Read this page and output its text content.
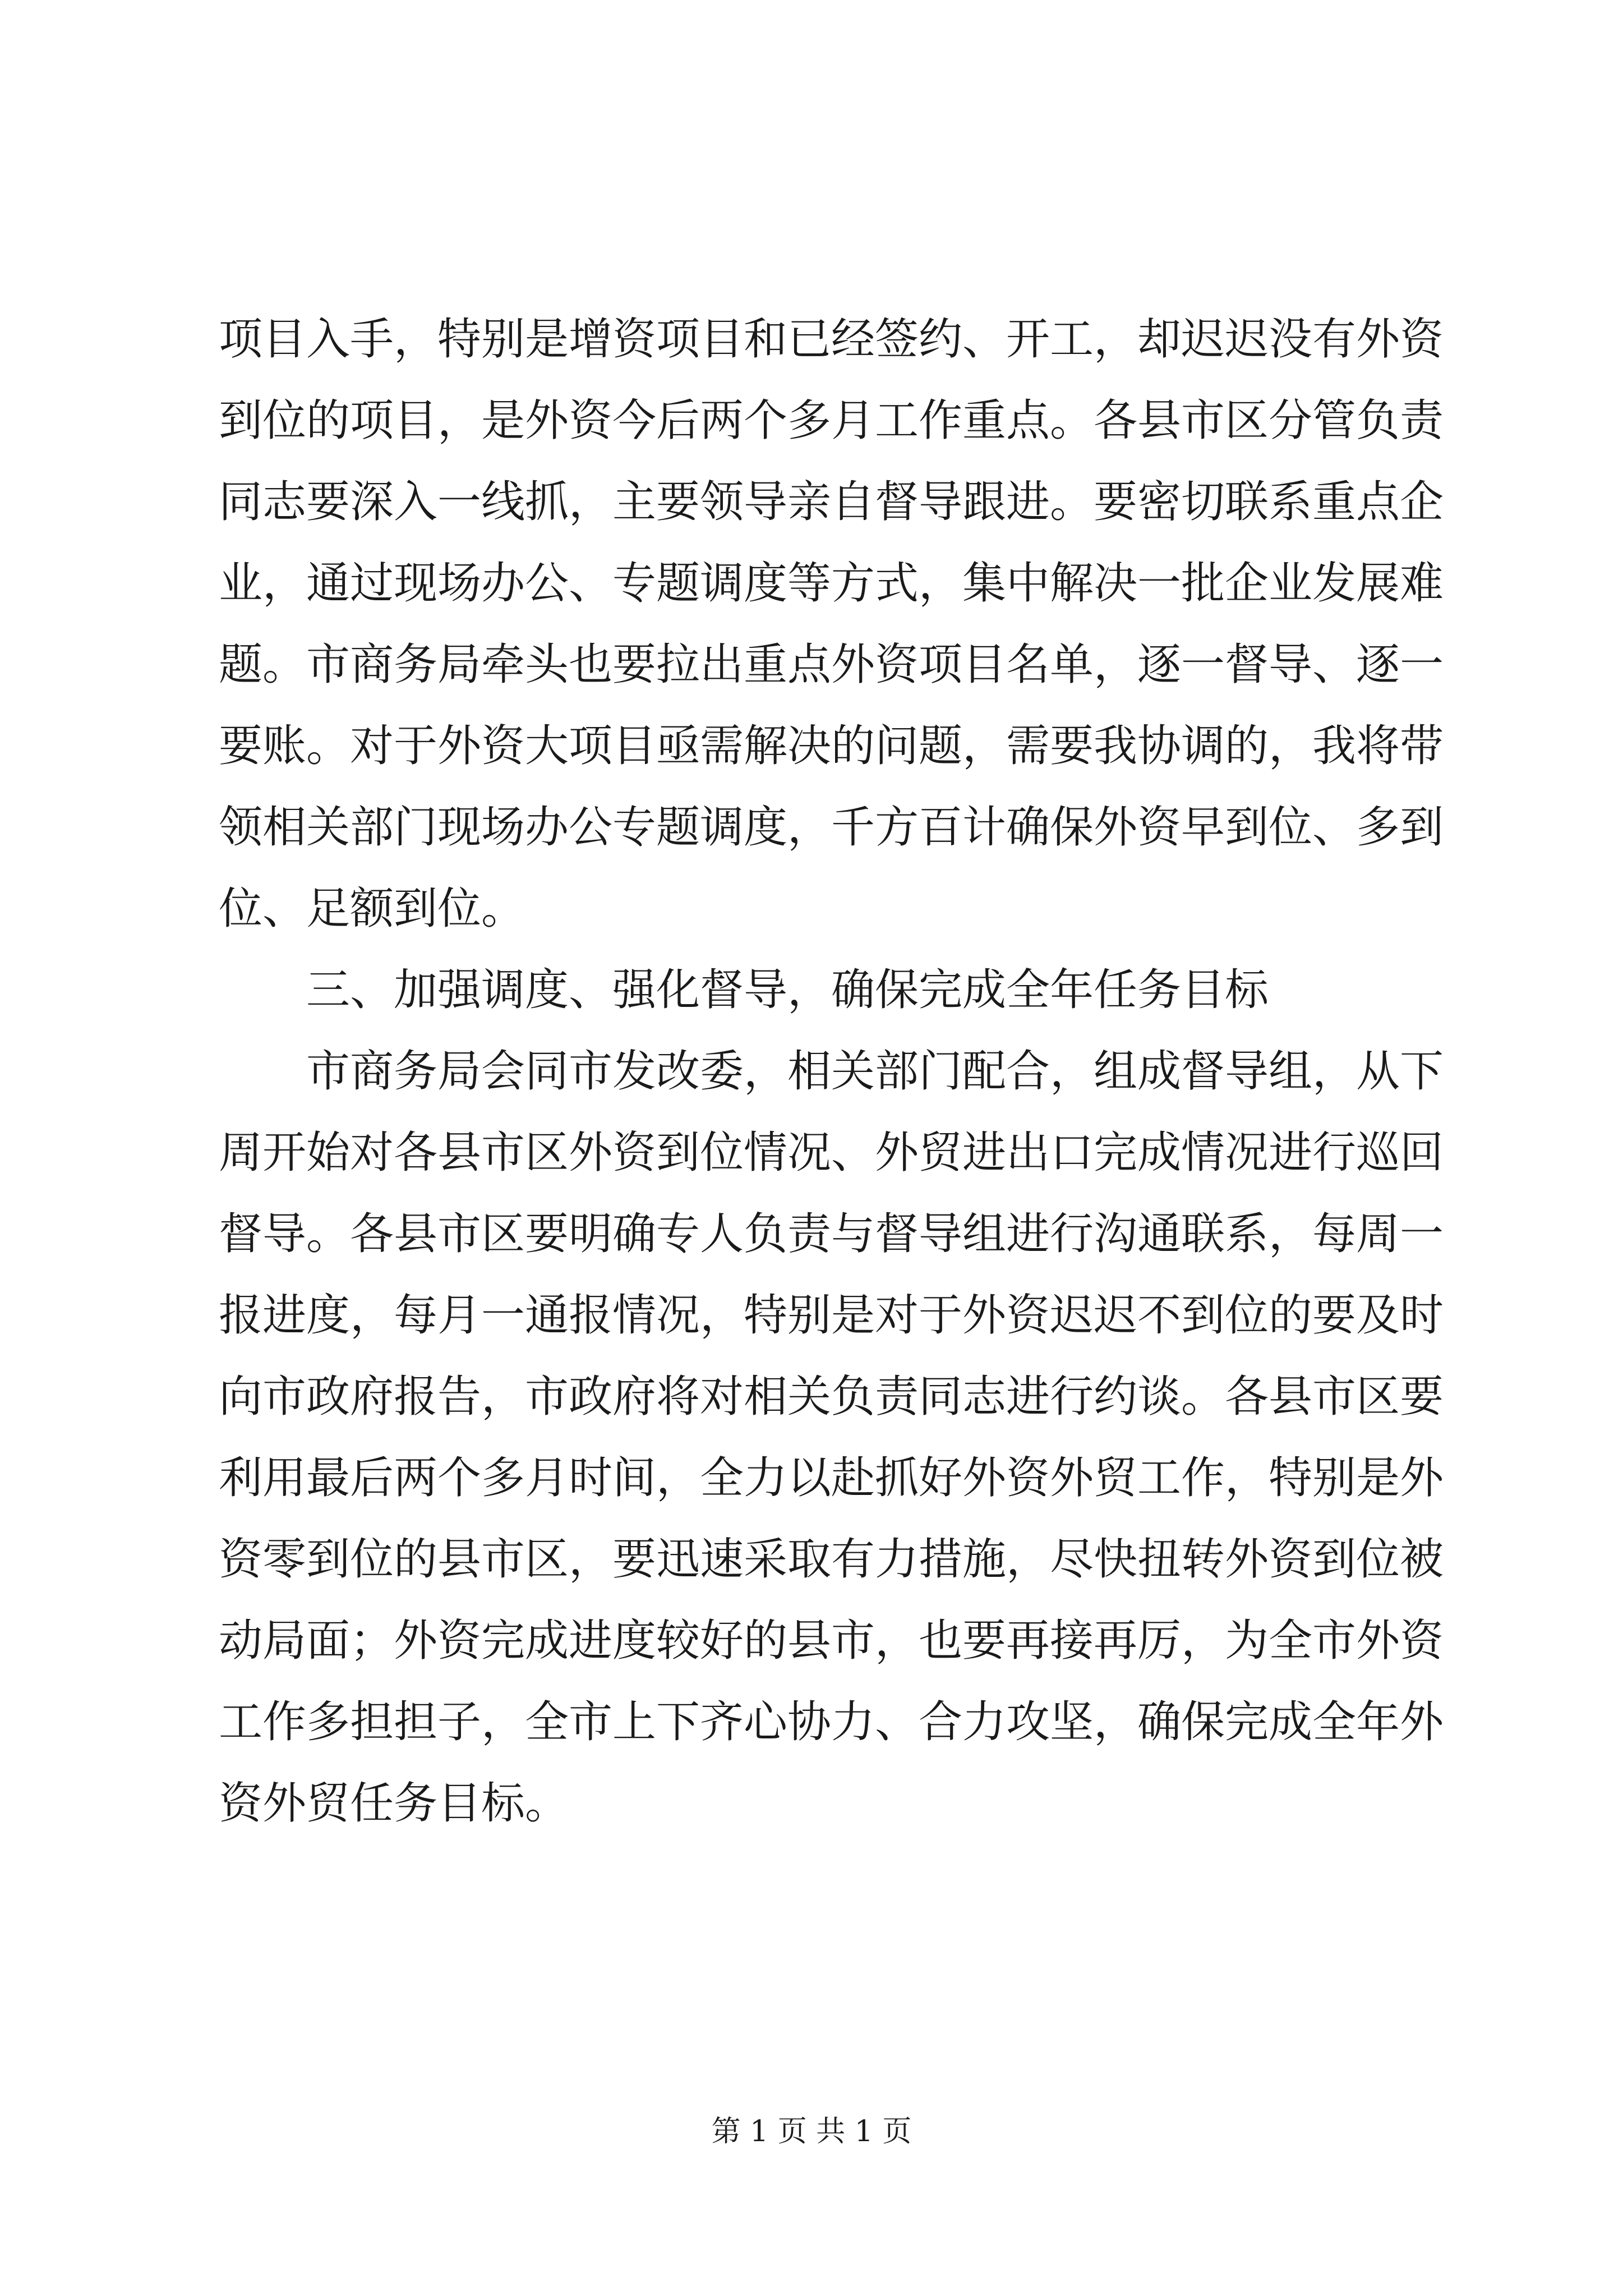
项目入手，特别是增资项目和已经签约、开工，却迟迟没有外资
到位的项目，是外资今后两个多月工作重点。各县市区分管负责
同志要深入一线抓，主要领导亲自督导跟进。要密切联系重点企
业，通过现场办公、专题调度等方式，集中解决一批企业发展难
题。市商务局牵头也要拉出重点外资项目名单，逐一督导、逐一
要账。对于外资大项目亟需解决的问题，需要我协调的，我将带
领相关部门现场办公专题调度，千方百计确保外资早到位、多到
位、足额到位。
三、加强调度、强化督导，确保完成全年任务目标
市商务局会同市发改委，相关部门配合，组成督导组，从下
周开始对各县市区外资到位情况、外贸进出口完成情况进行巡回
督导。各县市区要明确专人负责与督导组进行沟通联系，每周一
报进度，每月一通报情况，特别是对于外资迟迟不到位的要及时
向市政府报告，市政府将对相关负责同志进行约谈。各县市区要
利用最后两个多月时间，全力以赴抓好外资外贸工作，特别是外
资零到位的县市区，要迅速采取有力措施，尽快扭转外资到位被
动局面；外资完成进度较好的县市，也要再接再厉，为全市外资
工作多担担子，全市上下齐心协力、合力攻坚，确保完成全年外
资外贸任务目标。
第 1 页 共 1 页
